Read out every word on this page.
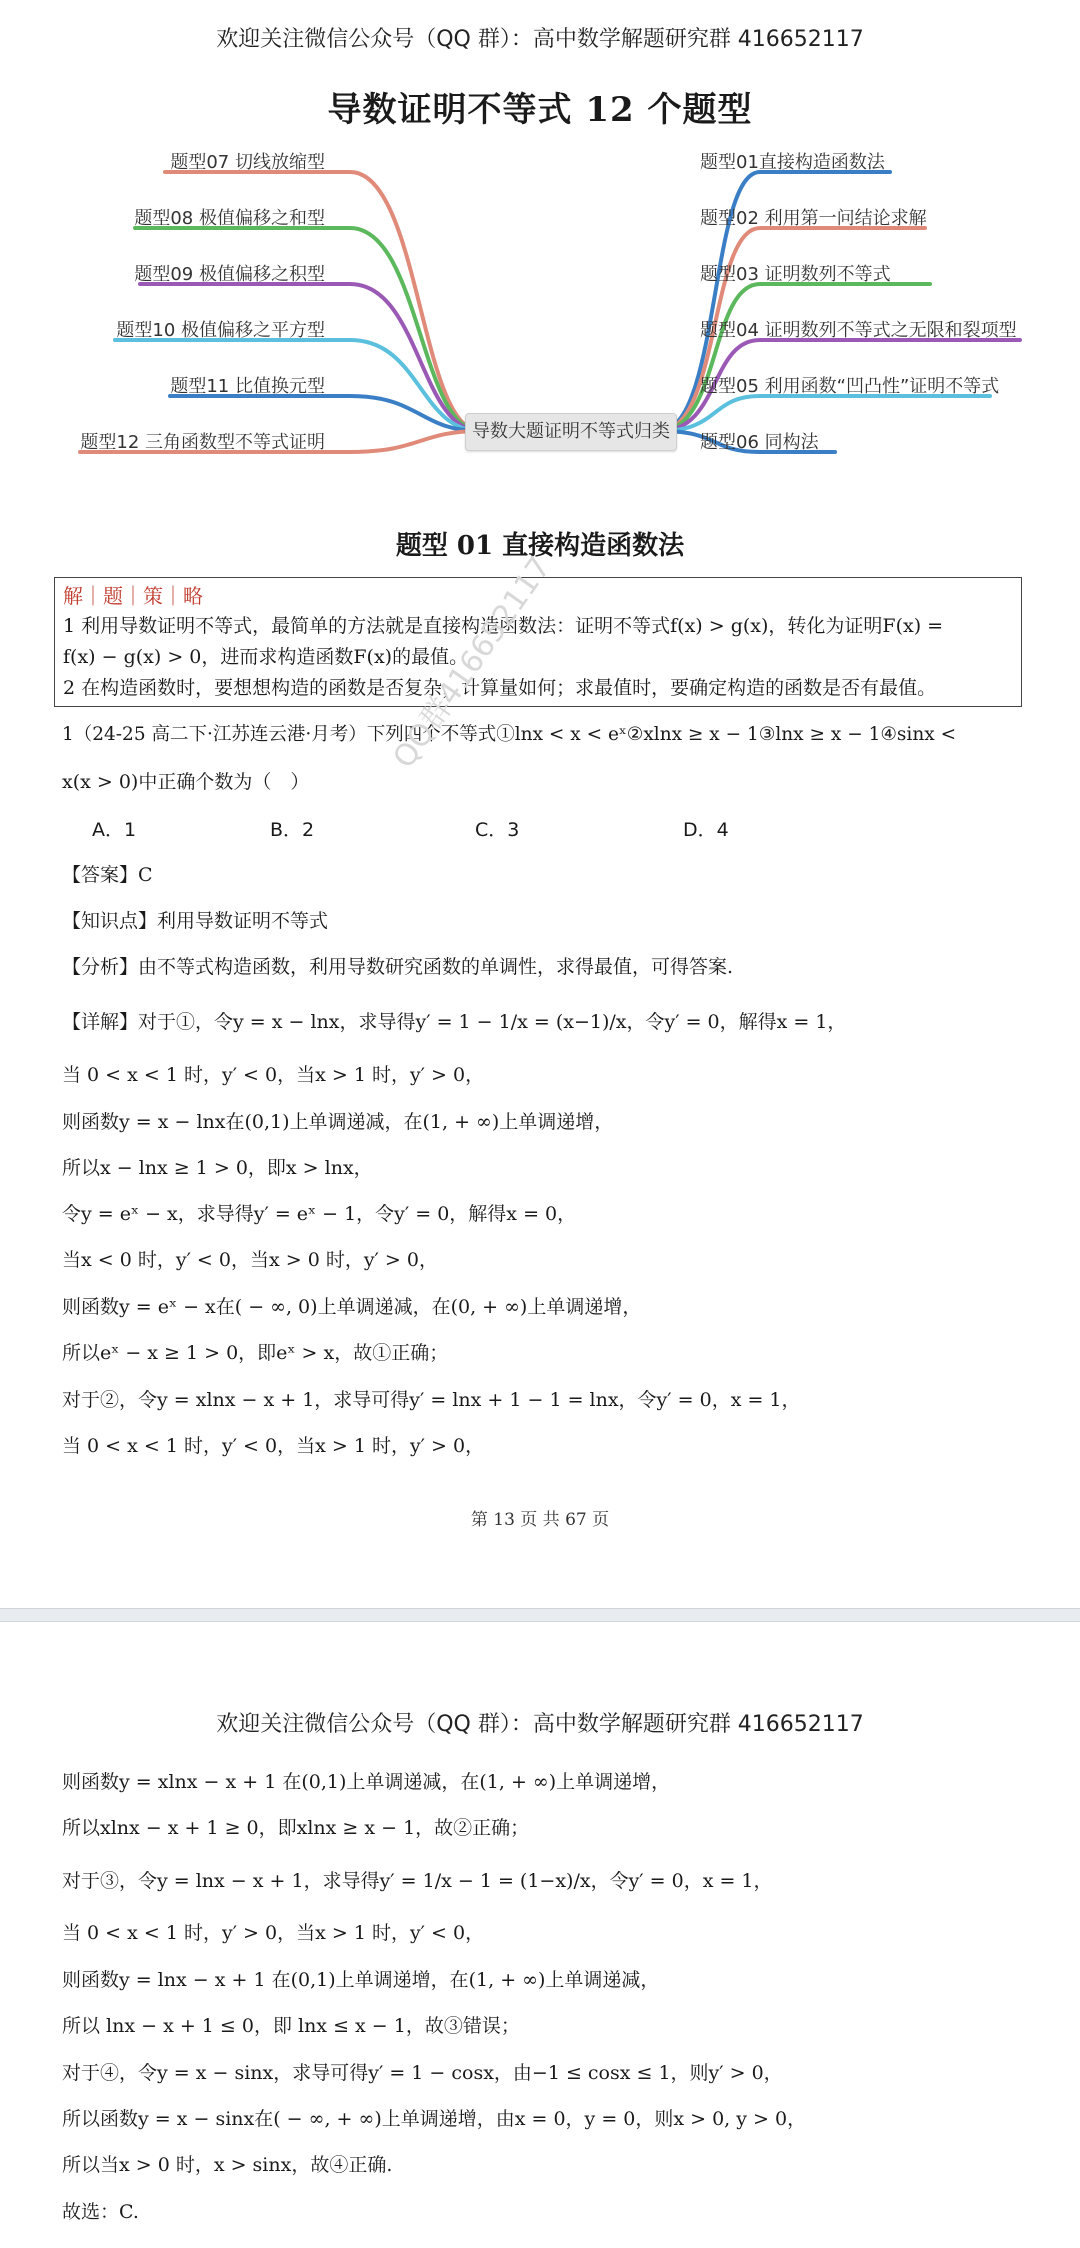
欢迎关注微信公众号（QQ 群）：高中数学解题研究群 416652117
导数证明不等式 12 个题型
导数大题证明不等式归类
题型07 切线放缩型
题型08 极值偏移之和型
题型09 极值偏移之积型
题型10 极值偏移之平方型
题型11 比值换元型
题型12 三角函数型不等式证明
题型01直接构造函数法
题型02 利用第一问结论求解
题型03 证明数列不等式
题型04 证明数列不等式之无限和裂项型
题型05 利用函数“凹凸性”证明不等式
题型06 同构法
题型 01 直接构造函数法
解｜题｜策｜略
1 利用导数证明不等式，最简单的方法就是直接构造函数法：证明不等式f(x) > g(x)，转化为证明F(x) =
f(x) − g(x) > 0，进而求构造函数F(x)的最值。
2 在构造函数时，要想想构造的函数是否复杂，计算量如何；求最值时，要确定构造的函数是否有最值。
1（24-25 高二下·江苏连云港·月考）下列四个不等式①lnx < x < eˣ②xlnx ≥ x − 1③lnx ≥ x − 1④sinx <
x(x > 0)中正确个数为（　）
A．1	B．2	C．3	D．4
QQ群416652117
【答案】C
【知识点】利用导数证明不等式
【分析】由不等式构造函数，利用导数研究函数的单调性，求得最值，可得答案.
【详解】对于①，令y = x − lnx，求导得y′ = 1 − 1/x = (x−1)/x，令y′ = 0，解得x = 1，
当 0 < x < 1 时，y′ < 0，当x > 1 时，y′ > 0，
则函数y = x − lnx在(0,1)上单调递减，在(1, + ∞)上单调递增，
所以x − lnx ≥ 1 > 0，即x > lnx，
令y = eˣ − x，求导得y′ = eˣ − 1，令y′ = 0，解得x = 0，
当x < 0 时，y′ < 0，当x > 0 时，y′ > 0，
则函数y = eˣ − x在( − ∞, 0)上单调递减，在(0, + ∞)上单调递增，
所以eˣ − x ≥ 1 > 0，即eˣ > x，故①正确；
对于②，令y = xlnx − x + 1，求导可得y′ = lnx + 1 − 1 = lnx，令y′ = 0，x = 1，
当 0 < x < 1 时，y′ < 0，当x > 1 时，y′ > 0，
第 13 页 共 67 页
欢迎关注微信公众号（QQ 群）：高中数学解题研究群 416652117
则函数y = xlnx − x + 1 在(0,1)上单调递减，在(1, + ∞)上单调递增，
所以xlnx − x + 1 ≥ 0，即xlnx ≥ x − 1，故②正确；
对于③，令y = lnx − x + 1，求导得y′ = 1/x − 1 = (1−x)/x，令y′ = 0，x = 1，
当 0 < x < 1 时，y′ > 0，当x > 1 时，y′ < 0，
则函数y = lnx − x + 1 在(0,1)上单调递增，在(1, + ∞)上单调递减，
所以 lnx − x + 1 ≤ 0，即 lnx ≤ x − 1，故③错误；
对于④，令y = x − sinx，求导可得y′ = 1 − cosx，由−1 ≤ cosx ≤ 1，则y′ > 0，
所以函数y = x − sinx在( − ∞, + ∞)上单调递增，由x = 0，y = 0，则x > 0, y > 0，
所以当x > 0 时，x > sinx，故④正确.
故选：C.
